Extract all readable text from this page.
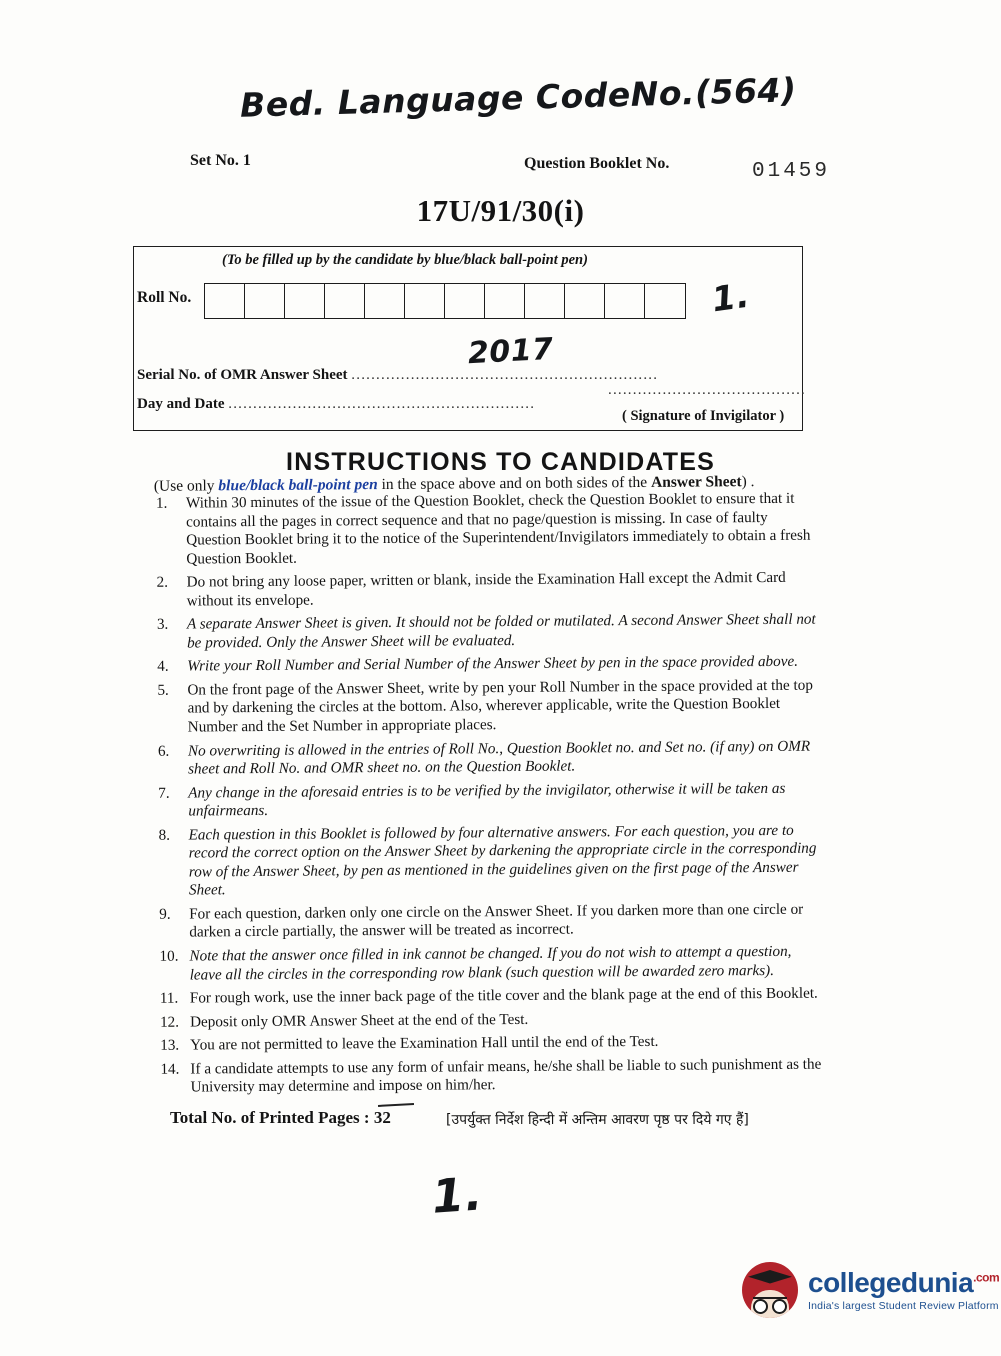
Bed. Language CodeNo.(564)
Set No. 1	Question Booklet No.	01459
17U/91/30(i)
(To be filled up by the candidate by blue/black ball-point pen)
Roll No.	1.
2017
Serial No. of OMR Answer Sheet ..............................................................
Day and Date ..............................................................
........................................
( Signature of Invigilator )
INSTRUCTIONS TO CANDIDATES
(Use only blue/black ball-point pen in the space above and on both sides of the Answer Sheet) .
1. Within 30 minutes of the issue of the Question Booklet, check the Question Booklet to ensure that it contains all the pages in correct sequence and that no page/question is missing. In case of faulty Question Booklet bring it to the notice of the Superintendent/Invigilators immediately to obtain a fresh Question Booklet.
2. Do not bring any loose paper, written or blank, inside the Examination Hall except the Admit Card without its envelope.
3. A separate Answer Sheet is given. It should not be folded or mutilated. A second Answer Sheet shall not be provided. Only the Answer Sheet will be evaluated.
4. Write your Roll Number and Serial Number of the Answer Sheet by pen in the space provided above.
5. On the front page of the Answer Sheet, write by pen your Roll Number in the space provided at the top and by darkening the circles at the bottom. Also, wherever applicable, write the Question Booklet Number and the Set Number in appropriate places.
6. No overwriting is allowed in the entries of Roll No., Question Booklet no. and Set no. (if any) on OMR sheet and Roll No. and OMR sheet no. on the Question Booklet.
7. Any change in the aforesaid entries is to be verified by the invigilator, otherwise it will be taken as unfairmeans.
8. Each question in this Booklet is followed by four alternative answers. For each question, you are to record the correct option on the Answer Sheet by darkening the appropriate circle in the corresponding row of the Answer Sheet, by pen as mentioned in the guidelines given on the first page of the Answer Sheet.
9. For each question, darken only one circle on the Answer Sheet. If you darken more than one circle or darken a circle partially, the answer will be treated as incorrect.
10. Note that the answer once filled in ink cannot be changed. If you do not wish to attempt a question, leave all the circles in the corresponding row blank (such question will be awarded zero marks).
11. For rough work, use the inner back page of the title cover and the blank page at the end of this Booklet.
12. Deposit only OMR Answer Sheet at the end of the Test.
13. You are not permitted to leave the Examination Hall until the end of the Test.
14. If a candidate attempts to use any form of unfair means, he/she shall be liable to such punishment as the University may determine and impose on him/her.
Total No. of Printed Pages : 32	[उपर्युक्त निर्देश हिन्दी में अन्तिम आवरण पृष्ठ पर दिये गए हैं]
1.
collegedunia$^{.com}$
India's largest Student Review Platform
